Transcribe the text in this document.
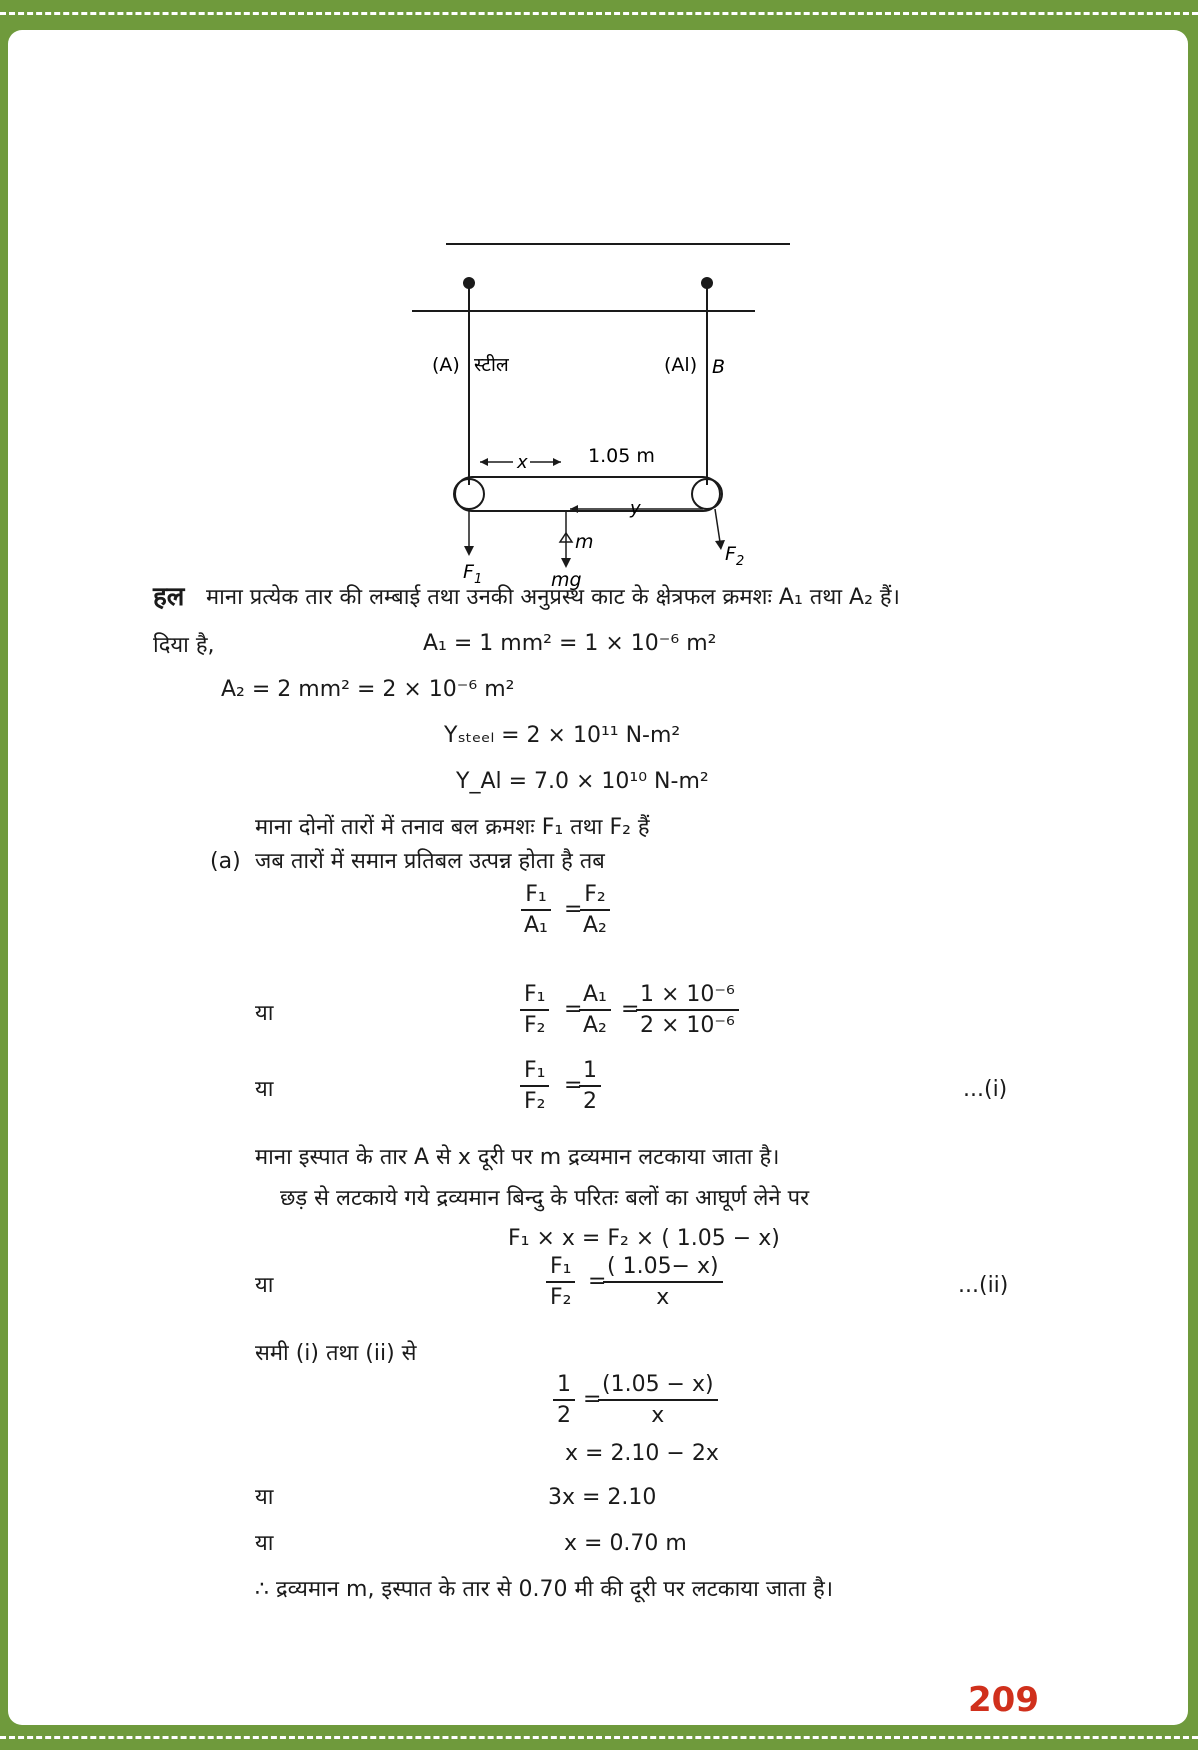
(A) स्टील	(Al) B
x	1.05 m
y
m
mg
$F_1$
$F_2$
हल माना प्रत्येक तार की लम्बाई तथा उनकी अनुप्रस्थ काट के क्षेत्रफल क्रमशः A₁ तथा A₂ हैं।
दिया है,	A₁ = 1 mm² = 1 × 10⁻⁶ m²
A₂ = 2 mm² = 2 × 10⁻⁶ m²
Yₛₜₑₑₗ = 2 × 10¹¹ N-m²
Y_Al = 7.0 × 10¹⁰ N-m²
माना दोनों तारों में तनाव बल क्रमशः F₁ तथा F₂ हैं
(a) जब तारों में समान प्रतिबल उत्पन्न होता है तब
$\frac{\text{F₁}}{\text{A₁}}$ =
$\frac{\text{F₂}}{\text{A₂}}$
या	$\frac{\text{F₁}}{\text{F₂}}$ =
$\frac{\text{A₁}}{\text{A₂}}$ =
$\frac{\text{1 × 10⁻⁶}}{\text{2 × 10⁻⁶}}$
या	$\frac{\text{F₁}}{\text{F₂}}$ =
$\frac{1}{2}$	...(i)
माना इस्पात के तार A से x दूरी पर m द्रव्यमान लटकाया जाता है।
छड़ से लटकाये गये द्रव्यमान बिन्दु के परितः बलों का आघूर्ण लेने पर
F₁ × x = F₂ × ( 1.05 − x)
या	$\frac{\text{F₁}}{\text{F₂}}$ =
$\frac{( 1.05- x)}{x}$	...(ii)
समी (i) तथा (ii) से
$\frac{1}{2}$ =
$\frac{(1.05 - x)}{x}$
x = 2.10 − 2x
या	3x = 2.10
या	x = 0.70 m
∴ द्रव्यमान m, इस्पात के तार से 0.70 मी की दूरी पर लटकाया जाता है।
209
